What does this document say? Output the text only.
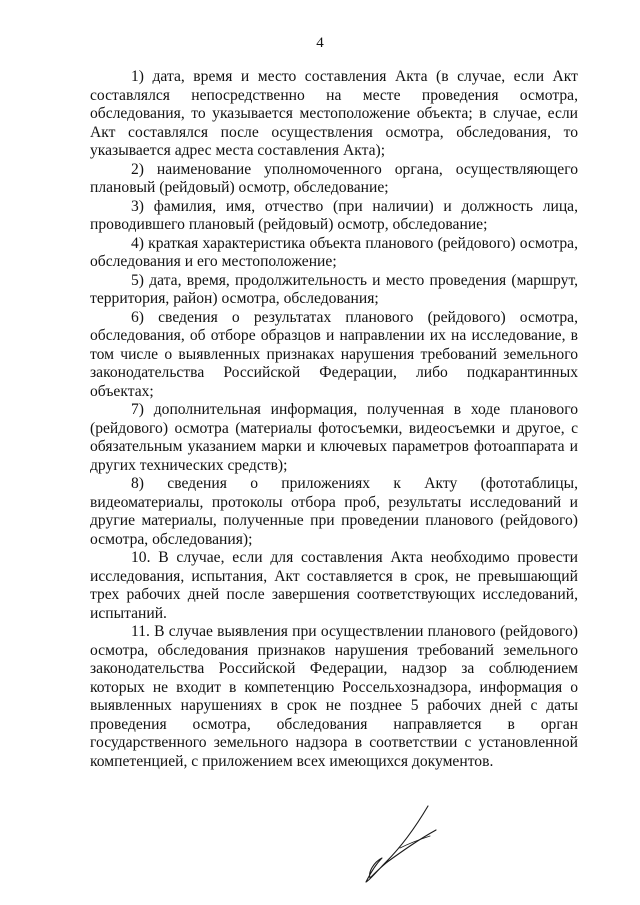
4

1) дата, время и место составления Акта (в случае, если Акт составлялся непосредственно на месте проведения осмотра, обследования, то указывается местоположение объекта; в случае, если Акт составлялся после осуществления осмотра, обследования, то указывается адрес места составления Акта);

2) наименование уполномоченного органа, осуществляющего плановый (рейдовый) осмотр, обследование;

3) фамилия, имя, отчество (при наличии) и должность лица, проводившего плановый (рейдовый) осмотр, обследование;

4) краткая характеристика объекта планового (рейдового) осмотра, обследования и его местоположение;

5) дата, время, продолжительность и место проведения (маршрут, территория, район) осмотра, обследования;

6) сведения о результатах планового (рейдового) осмотра, обследования, об отборе образцов и направлении их на исследование, в том числе о выявленных признаках нарушения требований земельного законодательства Российской Федерации, либо подкарантинных объектах;

7) дополнительная информация, полученная в ходе планового (рейдового) осмотра (материалы фотосъемки, видеосъемки и другое, с обязательным указанием марки и ключевых параметров фотоаппарата и других технических средств);

8) сведения о приложениях к Акту (фототаблицы, видеоматериалы, протоколы отбора проб, результаты исследований и другие материалы, полученные при проведении планового (рейдового) осмотра, обследования);

10. В случае, если для составления Акта необходимо провести исследования, испытания, Акт составляется в срок, не превышающий трех рабочих дней после завершения соответствующих исследований, испытаний.

11. В случае выявления при осуществлении планового (рейдового) осмотра, обследования признаков нарушения требований земельного законодательства Российской Федерации, надзор за соблюдением которых не входит в компетенцию Россельхознадзора, информация о выявленных нарушениях в срок не позднее 5 рабочих дней с даты проведения осмотра, обследования направляется в орган государственного земельного надзора в соответствии с установленной компетенцией, с приложением всех имеющихся документов.
